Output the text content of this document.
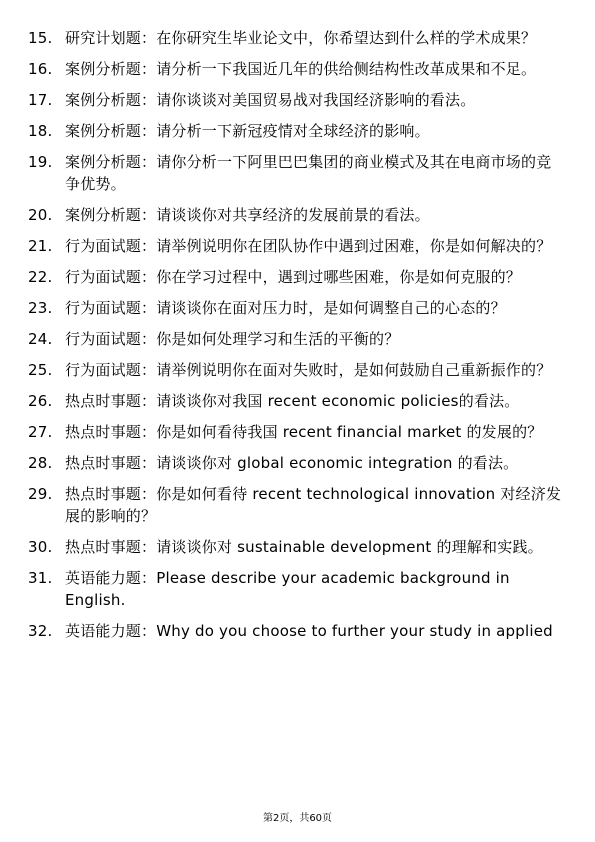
15. 研究计划题：在你研究生毕业论文中，你希望达到什么样的学术成果？
16. 案例分析题：请分析一下我国近几年的供给侧结构性改革成果和不足。
17. 案例分析题：请你谈谈对美国贸易战对我国经济影响的看法。
18. 案例分析题：请分析一下新冠疫情对全球经济的影响。
19. 案例分析题：请你分析一下阿里巴巴集团的商业模式及其在电商市场的竞争优势。
20. 案例分析题：请谈谈你对共享经济的发展前景的看法。
21. 行为面试题：请举例说明你在团队协作中遇到过困难，你是如何解决的？
22. 行为面试题：你在学习过程中，遇到过哪些困难，你是如何克服的？
23. 行为面试题：请谈谈你在面对压力时，是如何调整自己的心态的？
24. 行为面试题：你是如何处理学习和生活的平衡的？
25. 行为面试题：请举例说明你在面对失败时，是如何鼓励自己重新振作的？
26. 热点时事题：请谈谈你对我国 recent economic policies的看法。
27. 热点时事题：你是如何看待我国 recent financial market 的发展的？
28. 热点时事题：请谈谈你对 global economic integration 的看法。
29. 热点时事题：你是如何看待 recent technological innovation 对经济发展的影响的？
30. 热点时事题：请谈谈你对 sustainable development 的理解和实践。
31. 英语能力题：Please describe your academic background in English.
32. 英语能力题：Why do you choose to further your study in applied
第2页，共60页
